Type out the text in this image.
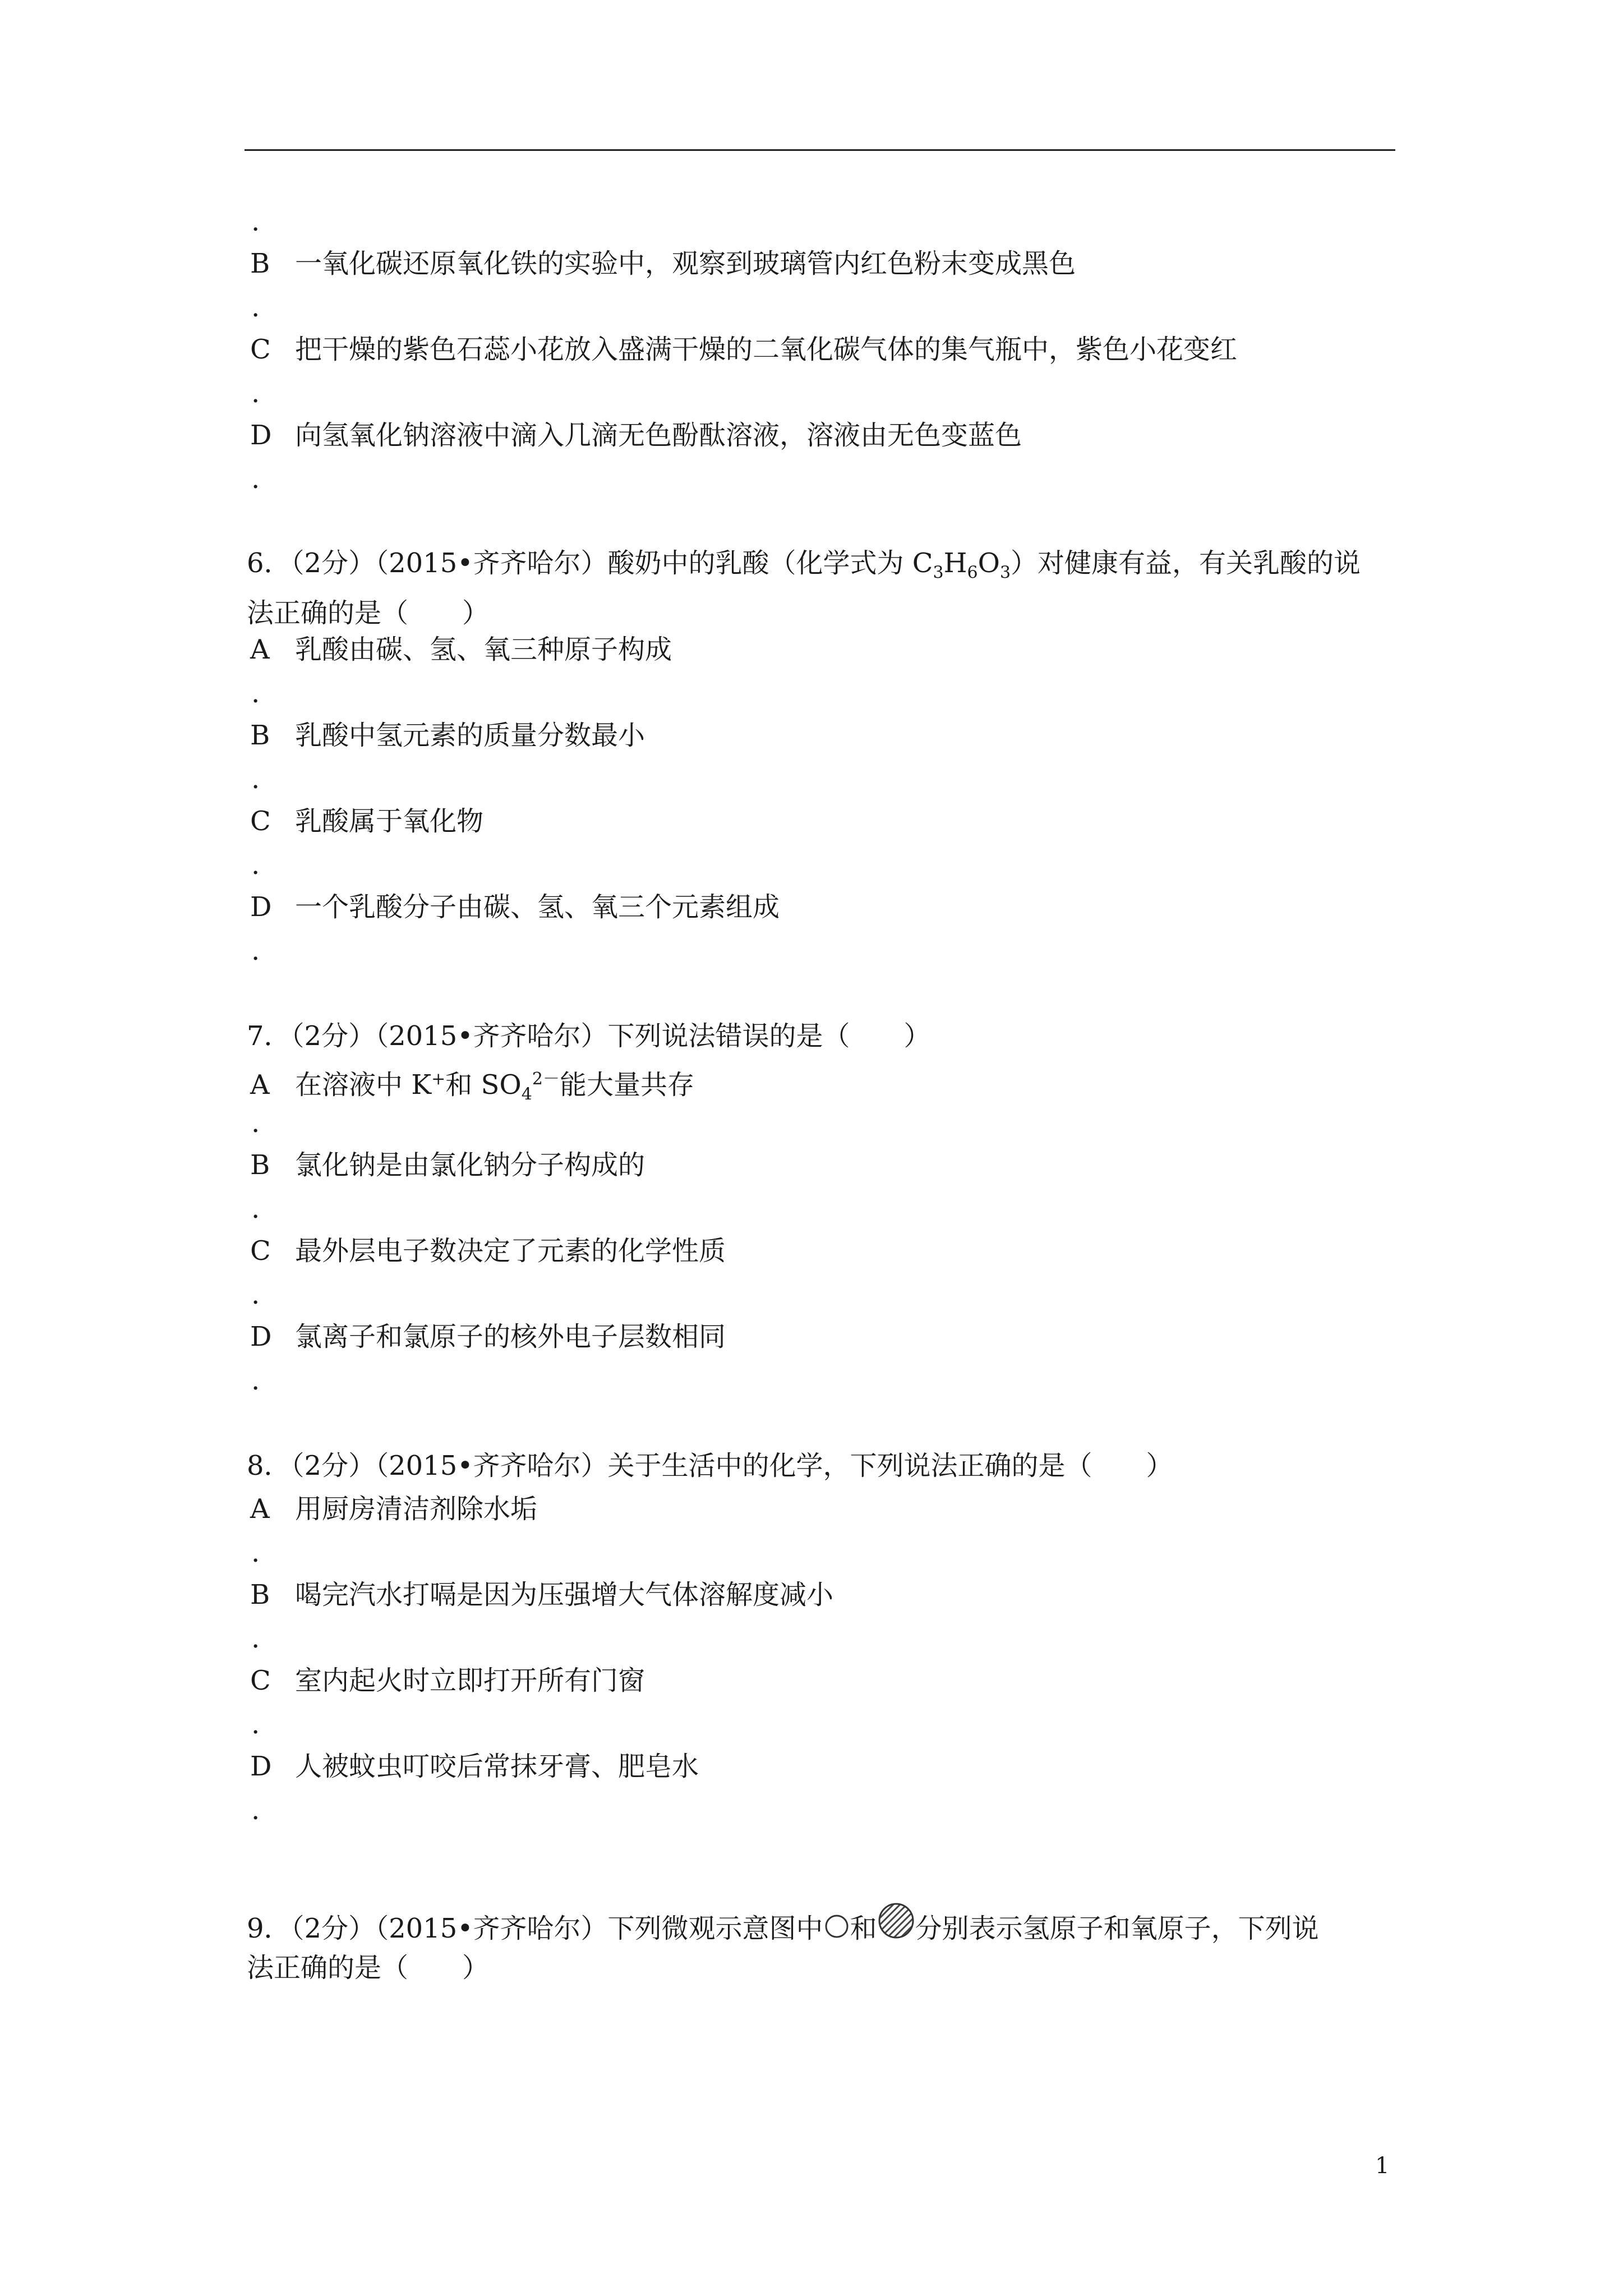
.
B 一氧化碳还原氧化铁的实验中，观察到玻璃管内红色粉末变成黑色
.
C 把干燥的紫色石蕊小花放入盛满干燥的二氧化碳气体的集气瓶中，紫色小花变红
.
D 向氢氧化钠溶液中滴入几滴无色酚酞溶液，溶液由无色变蓝色
.
6．（2分）（2015•齐齐哈尔）酸奶中的乳酸（化学式为 $C_3H_6O_3$）对健康有益，有关乳酸的说
法正确的是（　　）
A 乳酸由碳、氢、氧三种原子构成
.
B 乳酸中氢元素的质量分数最小
.
C 乳酸属于氧化物
.
D 一个乳酸分子由碳、氢、氧三个元素组成
.
7．（2分）（2015•齐齐哈尔）下列说法错误的是（　　）
A 在溶液中 K+和 $SO_4^{2-}$能大量共存
.
B 氯化钠是由氯化钠分子构成的
.
C 最外层电子数决定了元素的化学性质
.
D 氯离子和氯原子的核外电子层数相同
.
8．（2分）（2015•齐齐哈尔）关于生活中的化学，下列说法正确的是（　　）
A 用厨房清洁剂除水垢
.
B 喝完汽水打嗝是因为压强增大气体溶解度减小
.
C 室内起火时立即打开所有门窗
.
D 人被蚊虫叮咬后常抹牙膏、肥皂水
.
9．（2分）（2015•齐齐哈尔）下列微观示意图中 和 分别表示氢原子和氧原子，下列说
法正确的是（　　）
1
